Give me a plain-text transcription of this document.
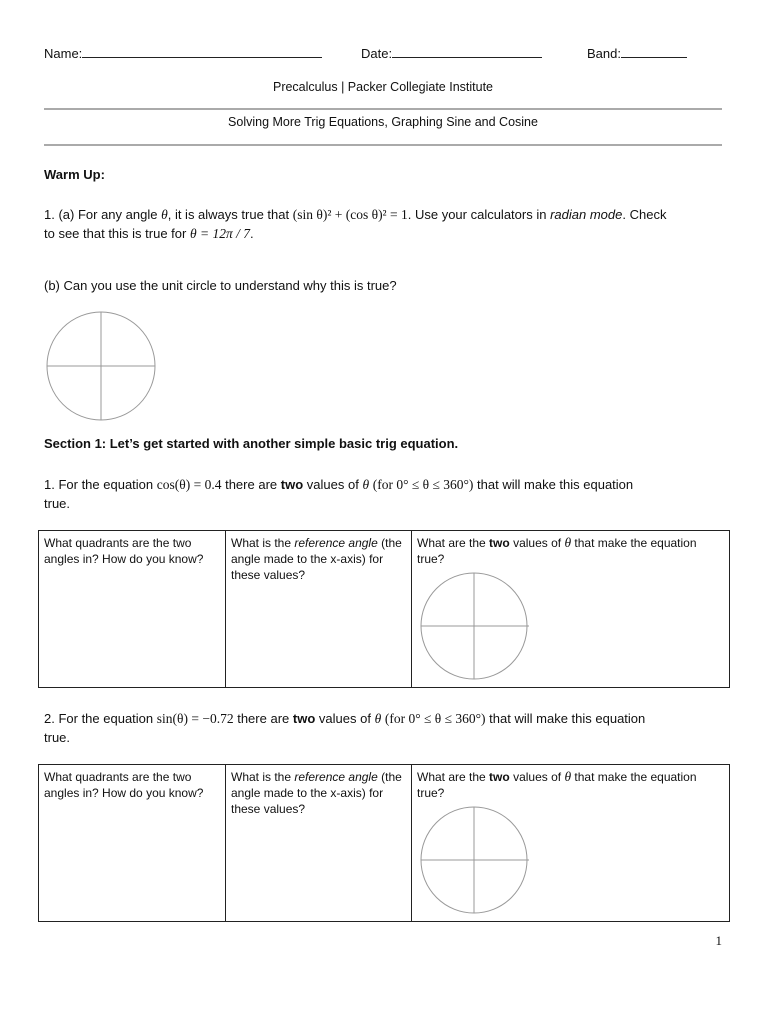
Name:	Date:	Band:
Precalculus | Packer Collegiate Institute
Solving More Trig Equations, Graphing Sine and Cosine
Warm Up:
1. (a) For any angle θ, it is always true that (sin θ)² + (cos θ)² = 1. Use your calculators in radian mode. Check
to see that this is true for θ = 12π / 7.
(b) Can you use the unit circle to understand why this is true?
Section 1: Let’s get started with another simple basic trig equation.
1. For the equation cos(θ) = 0.4 there are two values of θ (for 0° ≤ θ ≤ 360°) that will make this equation
true.
What quadrants are the two angles in? How do you know?	What is the reference angle (the angle made to the x-axis) for these values?	What are the two values of θ that make the equation true?
2. For the equation sin(θ) = −0.72 there are two values of θ (for 0° ≤ θ ≤ 360°) that will make this equation
true.
What quadrants are the two angles in? How do you know?	What is the reference angle (the angle made to the x-axis) for these values?	What are the two values of θ that make the equation true?
1
